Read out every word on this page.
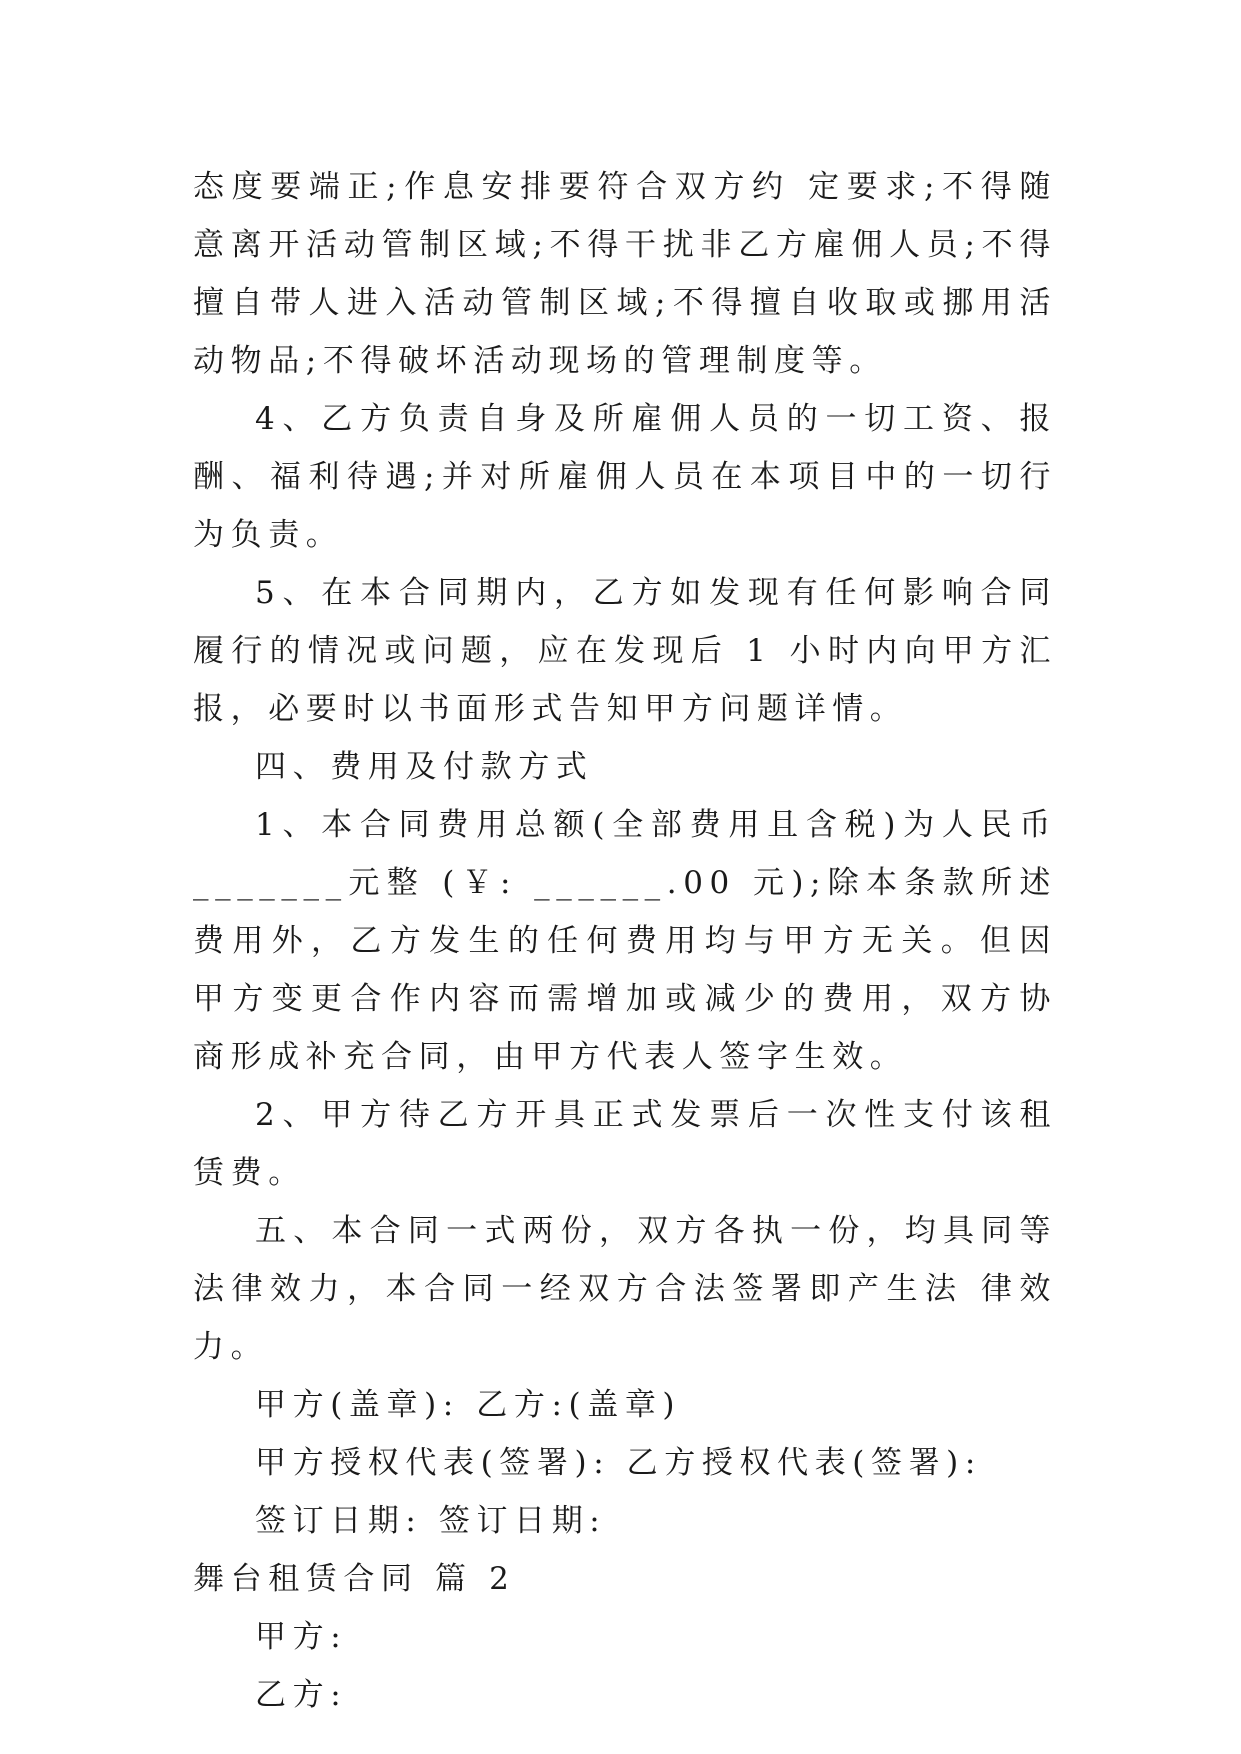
态度要端正;作息安排要符合双方约 定要求;不得随意离开活动管制区域;不得干扰非乙方雇佣人员;不得擅自带人进入活动管制区域;不得擅自收取或挪用活动物品;不得破坏活动现场的管理制度等。

4、乙方负责自身及所雇佣人员的一切工资、报酬、福利待遇;并对所雇佣人员在本项目中的一切行为负责。

5、在本合同期内，乙方如发现有任何影响合同履行的情况或问题，应在发现后 1 小时内向甲方汇报，必要时以书面形式告知甲方问题详情。

四、费用及付款方式

1、本合同费用总额(全部费用且含税)为人民币_______元整 (￥: ______.00 元);除本条款所述费用外，乙方发生的任何费用均与甲方无关。但因甲方变更合作内容而需增加或减少的费用，双方协商形成补充合同，由甲方代表人签字生效。

2、甲方待乙方开具正式发票后一次性支付该租赁费。

五、本合同一式两份，双方各执一份，均具同等法律效力，本合同一经双方合法签署即产生法 律效力。

甲方(盖章): 乙方:(盖章)

甲方授权代表(签署): 乙方授权代表(签署):

签订日期: 签订日期:

舞台租赁合同 篇 2

甲方:

乙方:
